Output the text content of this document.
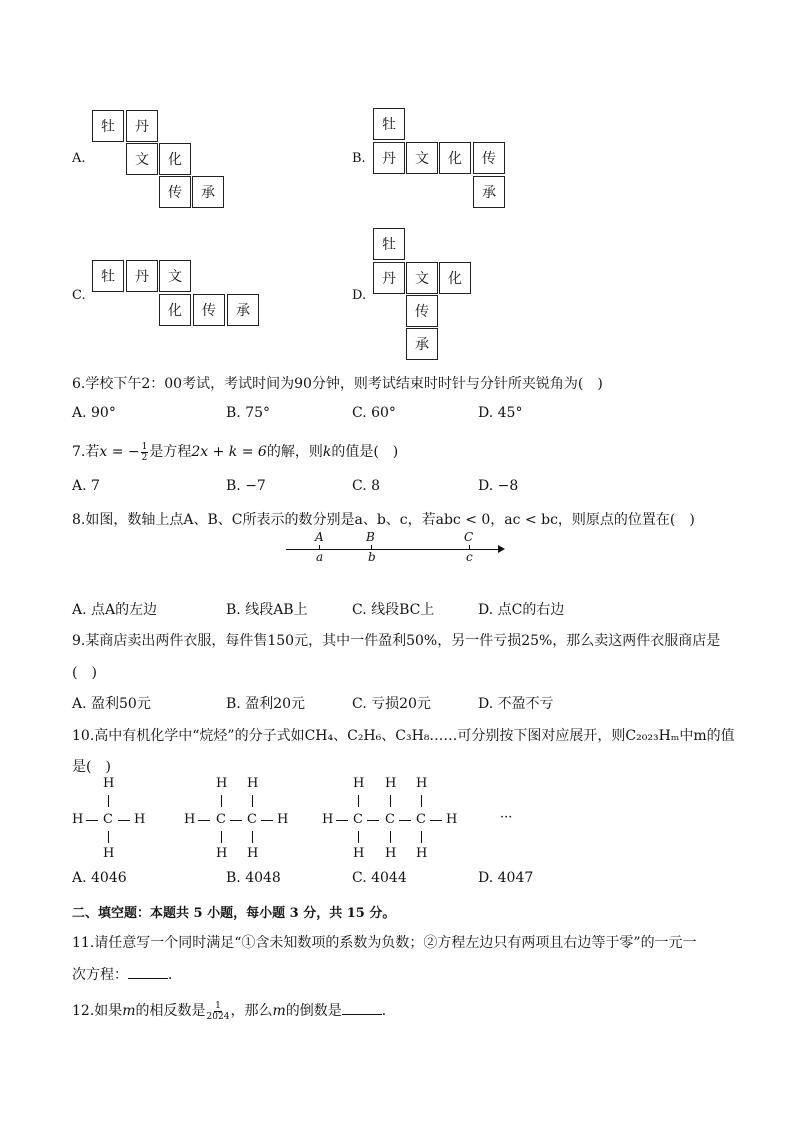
A.
牡	丹
文	化
传	承
B.
牡
丹	文	化	传
承
C.
牡	丹	文
化	传	承
D.
牡
丹	文	化
传
承
6.学校下午2：00考试，考试时间为90分钟，则考试结束时时针与分针所夹锐角为(　)
A. 90°	B. 75°	C. 60°	D. 45°
7.若x = − $\frac{1}{2}$ 是方程2x + k = 6的解，则k的值是(　)
A. 7	B. −7	C. 8	D. −8
8.如图，数轴上点A、B、C所表示的数分别是a、b、c，若abc < 0，ac < bc，则原点的位置在(　)
A
a
B
b
C
c
A. 点A的左边	B. 线段AB上	C. 线段BC上	D. 点C的右边
9.某商店卖出两件衣服，每件售150元，其中一件盈利50%，另一件亏损25%，那么卖这两件衣服商店是
(　)
A. 盈利50元	B. 盈利20元	C. 亏损20元	D. 不盈不亏
10.高中有机化学中“烷烃”的分子式如CH₄、C₂H₆、C₃H₈……可分别按下图对应展开，则C₂₀₂₃Hₘ中m的值
是(　)
H
H C H
H
H H
H C C H
H H
H H H
H C C C H
H H H
···
A. 4046	B. 4048	C. 4044	D. 4047
二、填空题：本题共 5 小题，每小题 3 分，共 15 分。
11.请任意写一个同时满足“①含未知数项的系数为负数；②方程左边只有两项且右边等于零”的一元一
次方程：	．
12.如果m的相反数是 $\frac{1}{2024}$ ，那么m的倒数是	．
